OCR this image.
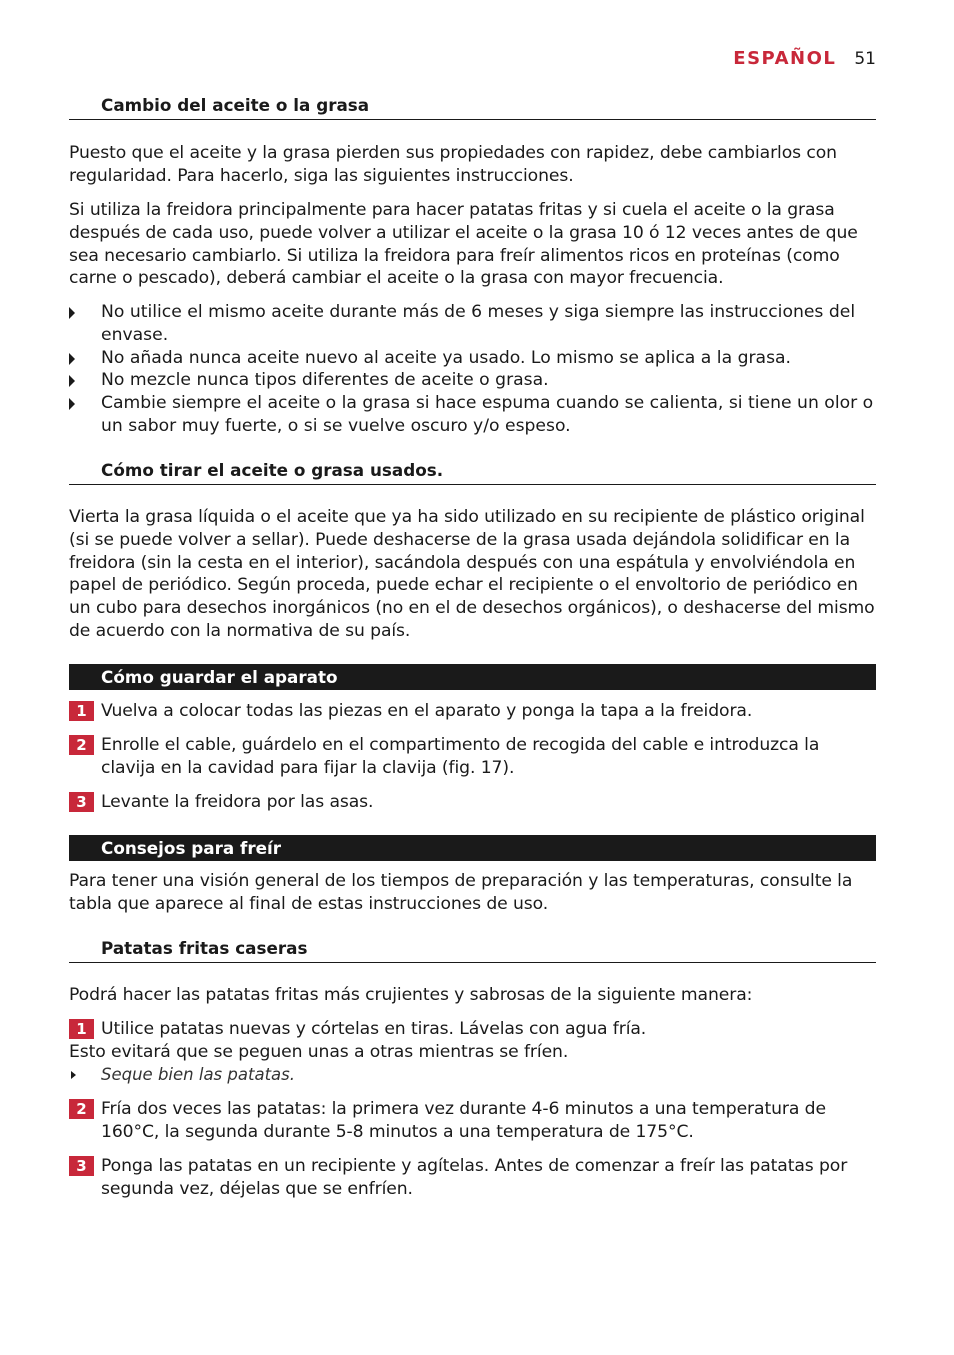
ESPAÑOL 51
Cambio del aceite o la grasa

Puesto que el aceite y la grasa pierden sus propiedades con rapidez, debe cambiarlos con regularidad. Para hacerlo, siga las siguientes instrucciones.

Si utiliza la freidora principalmente para hacer patatas fritas y si cuela el aceite o la grasa después de cada uso, puede volver a utilizar el aceite o la grasa 10 ó 12 veces antes de que sea necesario cambiarlo. Si utiliza la freidora para freír alimentos ricos en proteínas (como carne o pescado), deberá cambiar el aceite o la grasa con mayor frecuencia.

No utilice el mismo aceite durante más de 6 meses y siga siempre las instrucciones del envase.
No añada nunca aceite nuevo al aceite ya usado. Lo mismo se aplica a la grasa.
No mezcle nunca tipos diferentes de aceite o grasa.
Cambie siempre el aceite o la grasa si hace espuma cuando se calienta, si tiene un olor o un sabor muy fuerte, o si se vuelve oscuro y/o espeso.
Cómo tirar el aceite o grasa usados.

Vierta la grasa líquida o el aceite que ya ha sido utilizado en su recipiente de plástico original (si se puede volver a sellar). Puede deshacerse de la grasa usada dejándola solidificar en la freidora (sin la cesta en el interior), sacándola después con una espátula y envolviéndola en papel de periódico. Según proceda, puede echar el recipiente o el envoltorio de periódico en un cubo para desechos inorgánicos (no en el de desechos orgánicos), o deshacerse del mismo de acuerdo con la normativa de su país.

Cómo guardar el aparato
1 Vuelva a colocar todas las piezas en el aparato y ponga la tapa a la freidora.
2 Enrolle el cable, guárdelo en el compartimento de recogida del cable e introduzca la clavija en la cavidad para fijar la clavija (fig. 17).
3 Levante la freidora por las asas.
Consejos para freír

Para tener una visión general de los tiempos de preparación y las temperaturas, consulte la tabla que aparece al final de estas instrucciones de uso.

Patatas fritas caseras

Podrá hacer las patatas fritas más crujientes y sabrosas de la siguiente manera:

1 Utilice patatas nuevas y córtelas en tiras. Lávelas con agua fría.

Esto evitará que se peguen unas a otras mientras se fríen.

Seque bien las patatas.
2 Fría dos veces las patatas: la primera vez durante 4-6 minutos a una temperatura de 160°C, la segunda durante 5-8 minutos a una temperatura de 175°C.
3 Ponga las patatas en un recipiente y agítelas. Antes de comenzar a freír las patatas por segunda vez, déjelas que se enfríen.
